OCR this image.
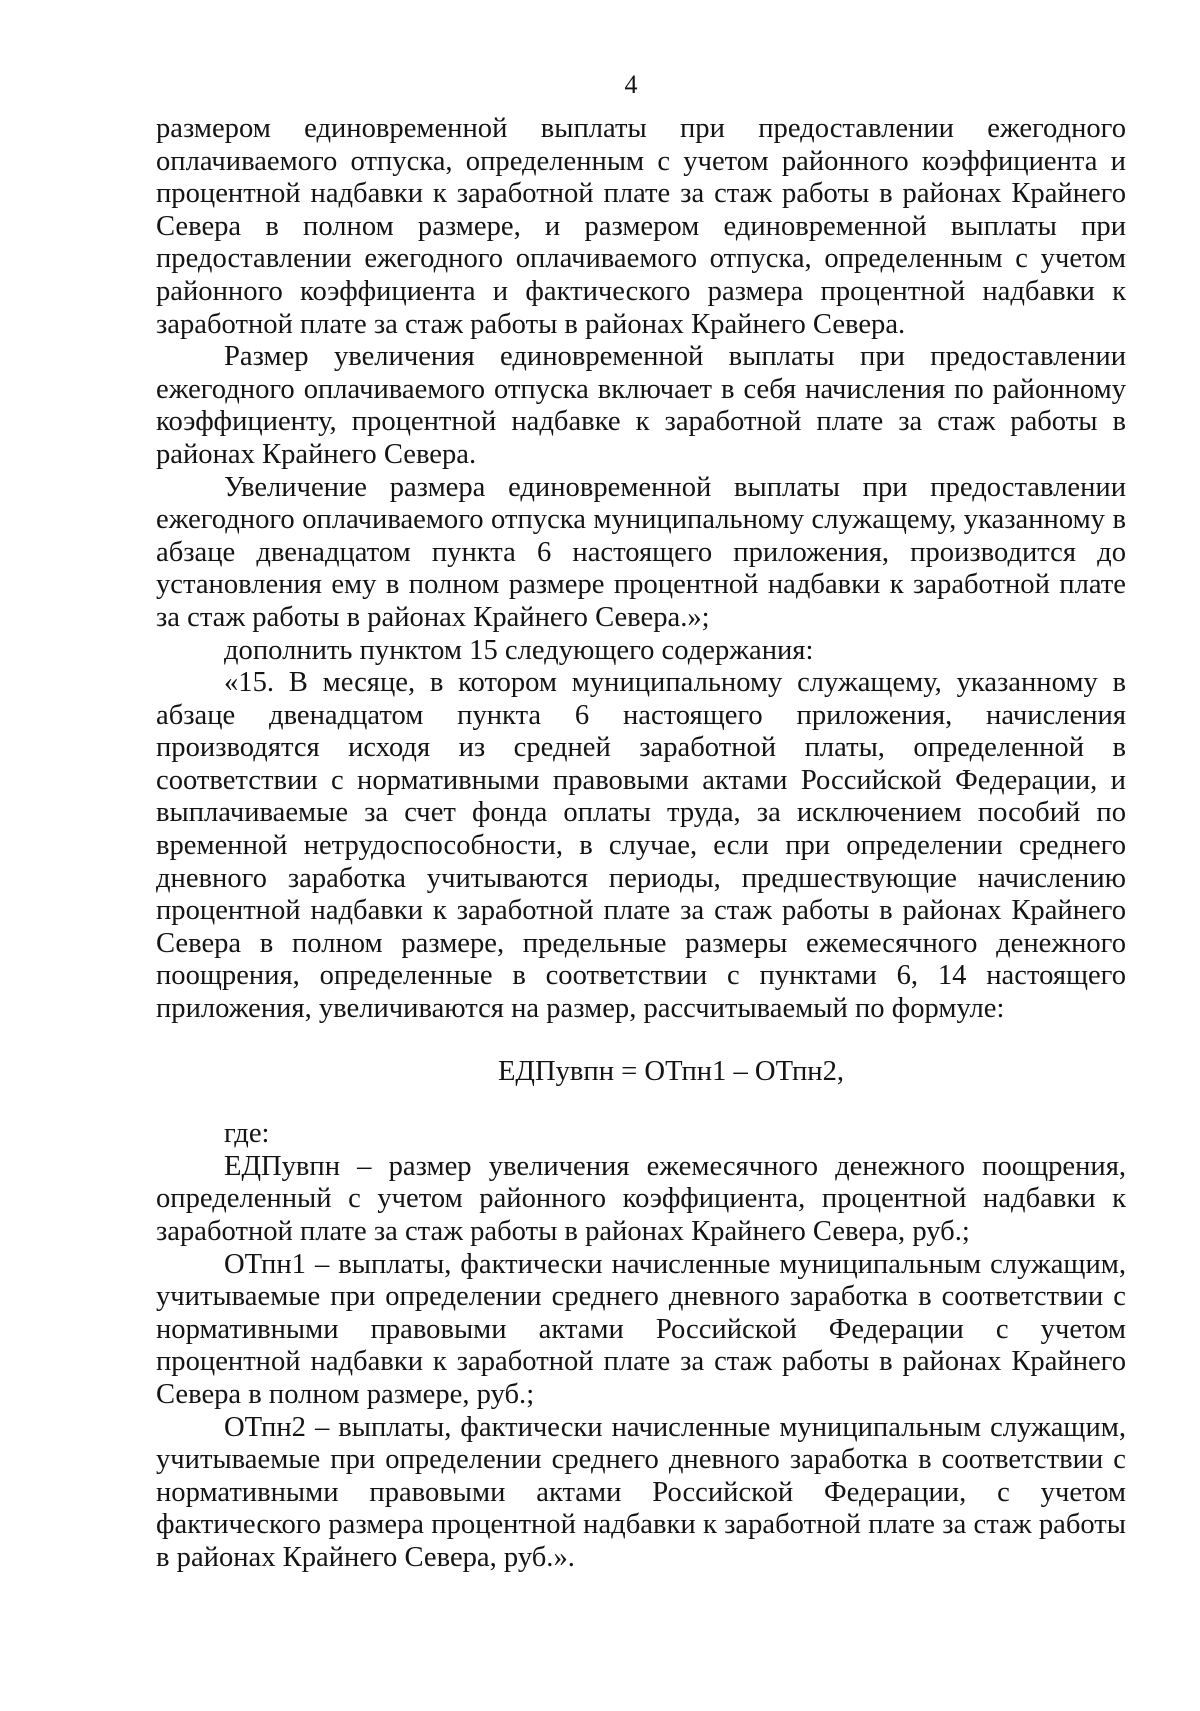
4

размером единовременной выплаты при предоставлении ежегодного оплачиваемого отпуска, определенным с учетом районного коэффициента и процентной надбавки к заработной плате за стаж работы в районах Крайнего Севера в полном размере, и размером единовременной выплаты при предоставлении ежегодного оплачиваемого отпуска, определенным с учетом районного коэффициента и фактического размера процентной надбавки к заработной плате за стаж работы в районах Крайнего Севера.

Размер увеличения единовременной выплаты при предоставлении ежегодного оплачиваемого отпуска включает в себя начисления по районному коэффициенту, процентной надбавке к заработной плате за стаж работы в районах Крайнего Севера.

Увеличение размера единовременной выплаты при предоставлении ежегодного оплачиваемого отпуска муниципальному служащему, указанному в абзаце двенадцатом пункта 6 настоящего приложения, производится до установления ему в полном размере процентной надбавки к заработной плате за стаж работы в районах Крайнего Севера.»;

дополнить пунктом 15 следующего содержания:

«15. В месяце, в котором муниципальному служащему, указанному в абзаце двенадцатом пункта 6 настоящего приложения, начисления производятся исходя из средней заработной платы, определенной в соответствии с нормативными правовыми актами Российской Федерации, и выплачиваемые за счет фонда оплаты труда, за исключением пособий по временной нетрудоспособности, в случае, если при определении среднего дневного заработка учитываются периоды, предшествующие начислению процентной надбавки к заработной плате за стаж работы в районах Крайнего Севера в полном размере, предельные размеры ежемесячного денежного поощрения, определенные в соответствии с пунктами 6, 14 настоящего приложения, увеличиваются на размер, рассчитываемый по формуле:

ЕДПувпн = ОТпн1 – ОТпн2,

где:

ЕДПувпн – размер увеличения ежемесячного денежного поощрения, определенный с учетом районного коэффициента, процентной надбавки к заработной плате за стаж работы в районах Крайнего Севера, руб.;

ОТпн1 – выплаты, фактически начисленные муниципальным служащим, учитываемые при определении среднего дневного заработка в соответствии с нормативными правовыми актами Российской Федерации с учетом процентной надбавки к заработной плате за стаж работы в районах Крайнего Севера в полном размере, руб.;

ОТпн2 – выплаты, фактически начисленные муниципальным служащим, учитываемые при определении среднего дневного заработка в соответствии с нормативными правовыми актами Российской Федерации, с учетом фактического размера процентной надбавки к заработной плате за стаж работы в районах Крайнего Севера, руб.».
